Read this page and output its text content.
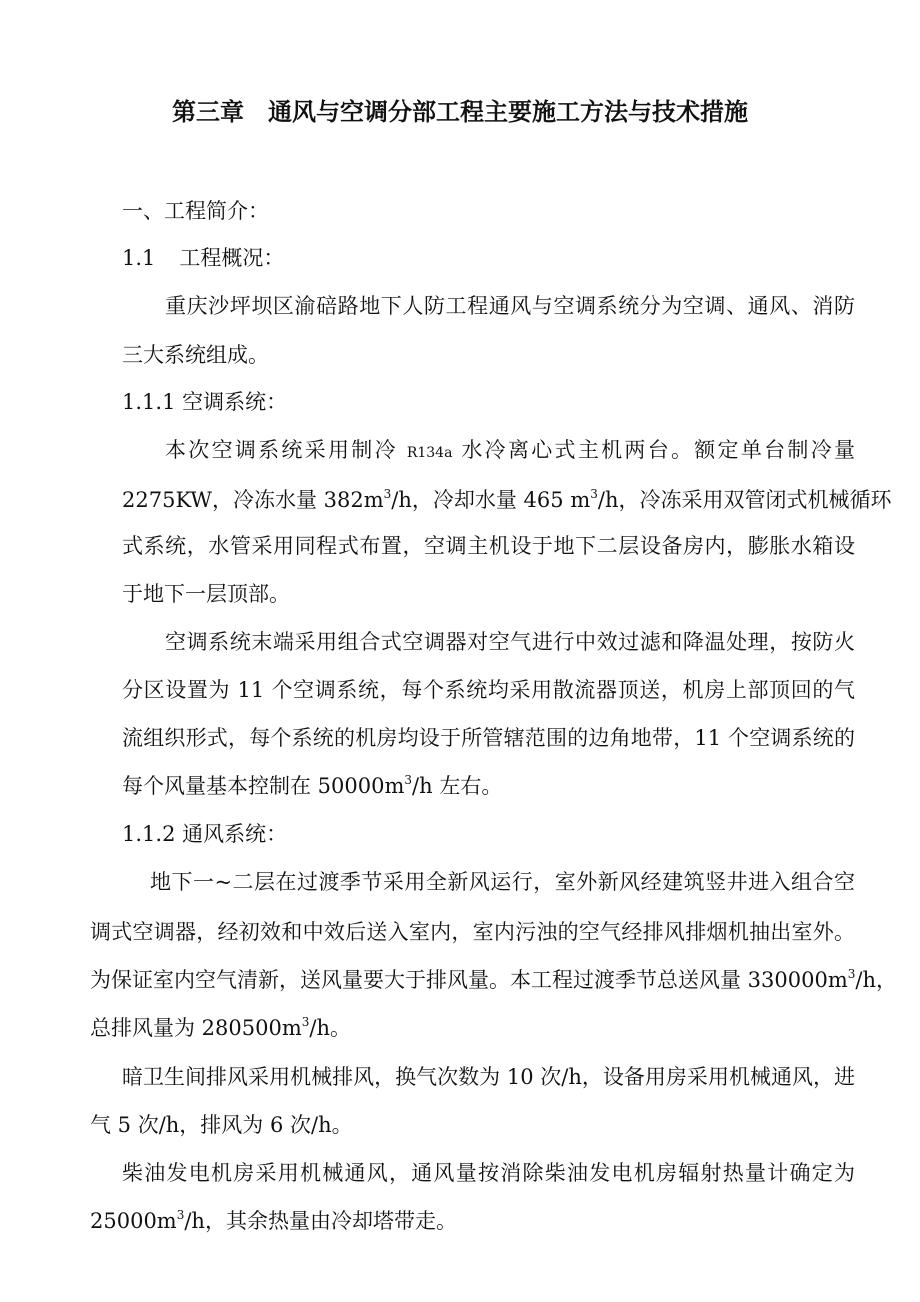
第三章　通风与空调分部工程主要施工方法与技术措施
一、工程简介：
1.1 工程概况：
重庆沙坪坝区渝碚路地下人防工程通风与空调系统分为空调、通风、消防
三大系统组成。
1.1.1 空调系统：
本次空调系统采用制冷 R134a 水冷离心式主机两台。额定单台制冷量
2275KW，冷冻水量 $382m^3/h$，冷却水量 465 $m^3/h$，冷冻采用双管闭式机械循环
式系统，水管采用同程式布置，空调主机设于地下二层设备房内，膨胀水箱设
于地下一层顶部。
空调系统末端采用组合式空调器对空气进行中效过滤和降温处理，按防火
分区设置为 11 个空调系统，每个系统均采用散流器顶送，机房上部顶回的气
流组织形式，每个系统的机房均设于所管辖范围的边角地带，11 个空调系统的
每个风量基本控制在 $50000m^3/h$ 左右。
1.1.2 通风系统：
地下一~二层在过渡季节采用全新风运行，室外新风经建筑竖井进入组合空
调式空调器，经初效和中效后送入室内，室内污浊的空气经排风排烟机抽出室外。
为保证室内空气清新，送风量要大于排风量。本工程过渡季节总送风量 $330000m^3/h$，
总排风量为 $280500m^3/h$。
暗卫生间排风采用机械排风，换气次数为 10 次/h，设备用房采用机械通风，进
气 5 次/h，排风为 6 次/h。
柴油发电机房采用机械通风，通风量按消除柴油发电机房辐射热量计确定为
$25000m^3/h$，其余热量由冷却塔带走。
